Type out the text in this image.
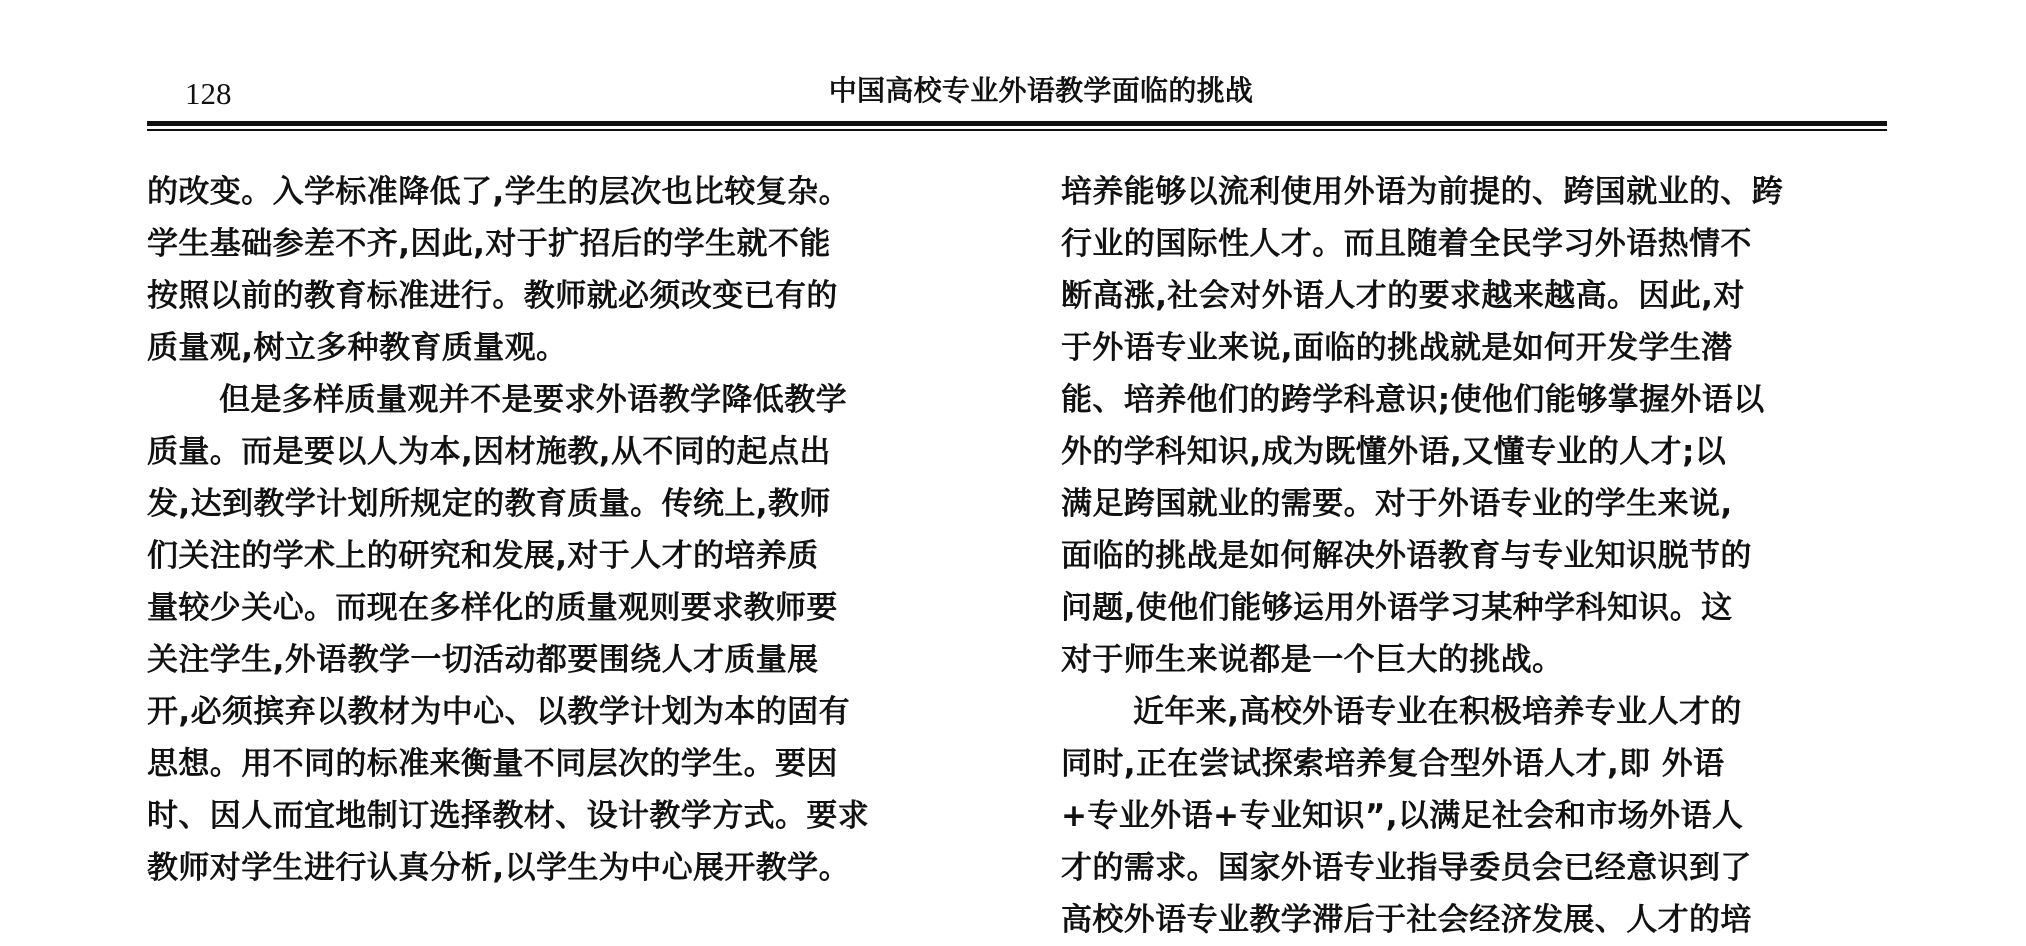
128	中国高校专业外语教学面临的挑战
的改变。入学标准降低了,学生的层次也比较复杂。
学生基础参差不齐,因此,对于扩招后的学生就不能
按照以前的教育标准进行。教师就必须改变已有的
质量观,树立多种教育质量观。
但是多样质量观并不是要求外语教学降低教学
质量。而是要以人为本,因材施教,从不同的起点出
发,达到教学计划所规定的教育质量。传统上,教师
们关注的学术上的研究和发展,对于人才的培养质
量较少关心。而现在多样化的质量观则要求教师要
关注学生,外语教学一切活动都要围绕人才质量展
开,必须摈弃以教材为中心、以教学计划为本的固有
思想。用不同的标准来衡量不同层次的学生。要因
时、因人而宜地制订选择教材、设计教学方式。要求
教师对学生进行认真分析,以学生为中心展开教学。
培养能够以流利使用外语为前提的、跨国就业的、跨
行业的国际性人才。而且随着全民学习外语热情不
断高涨,社会对外语人才的要求越来越高。因此,对
于外语专业来说,面临的挑战就是如何开发学生潜
能、培养他们的跨学科意识;使他们能够掌握外语以
外的学科知识,成为既懂外语,又懂专业的人才;以
满足跨国就业的需要。对于外语专业的学生来说,
面临的挑战是如何解决外语教育与专业知识脱节的
问题,使他们能够运用外语学习某种学科知识。这
对于师生来说都是一个巨大的挑战。
近年来,高校外语专业在积极培养专业人才的
同时,正在尝试探索培养复合型外语人才,即 外语
+专业外语+专业知识”,以满足社会和市场外语人
才的需求。国家外语专业指导委员会已经意识到了
高校外语专业教学滞后于社会经济发展、人才的培
